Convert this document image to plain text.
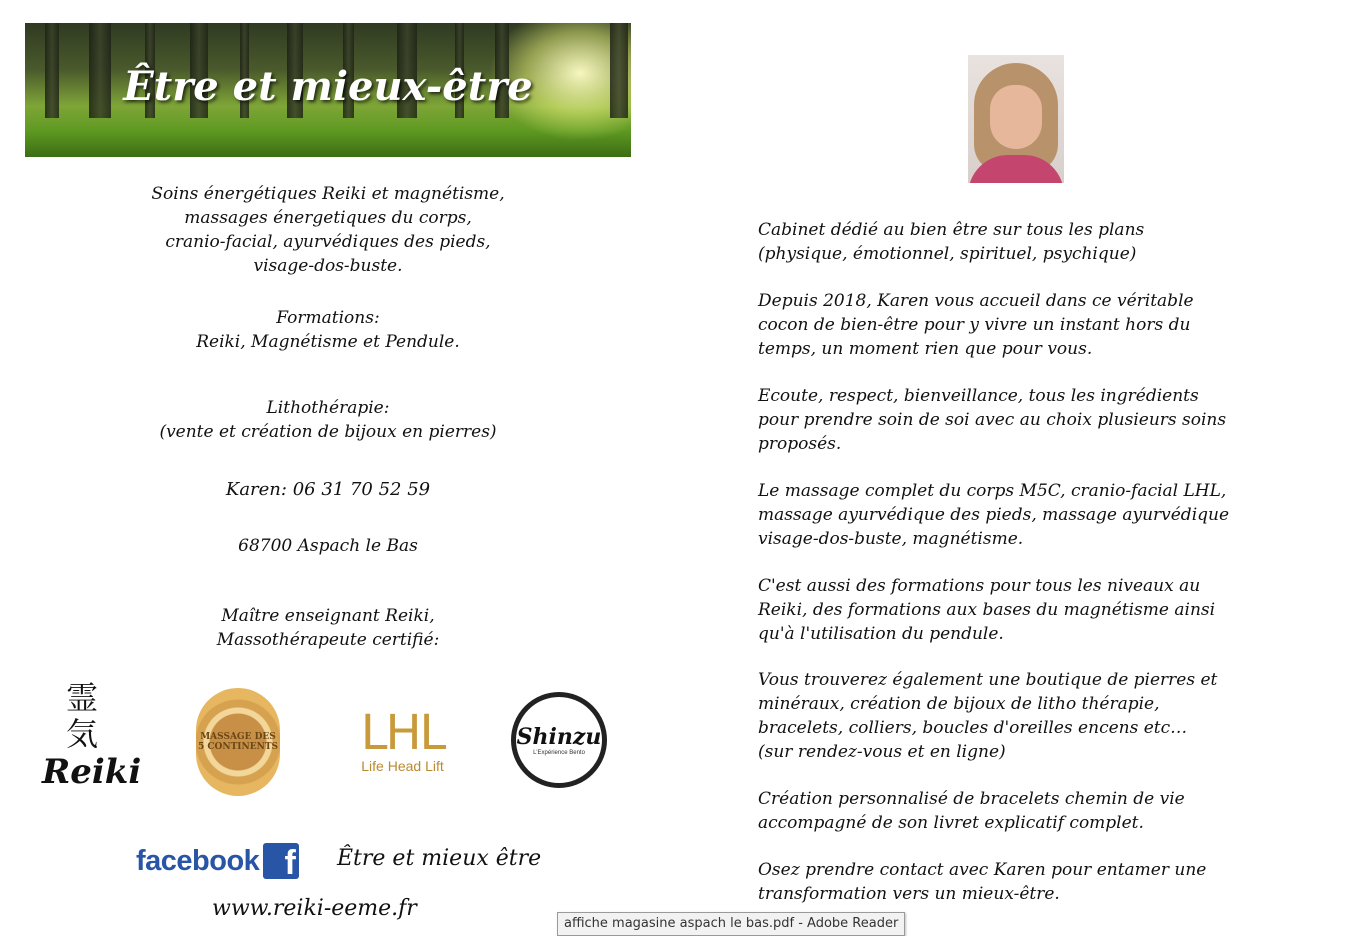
Être et mieux-être

Soins énergétiques Reiki et magnétisme,

massages énergetiques du corps,

cranio-facial, ayurvédiques des pieds,

visage-dos-buste.

Formations:

Reiki, Magnétisme et Pendule.

Lithothérapie:

(vente et création de bijoux en pierres)

Karen: 06 31 70 52 59
68700 Aspach le Bas

Maître enseignant Reiki,

Massothérapeute certifié:

霊
気
Reiki
MASSAGE DES 5 CONTINENTS	LHL
Life Head Lift
Shinzu
L'Expérience Bento
facebook f Être et mieux être
www.reiki-eeme.fr

Cabinet dédié au bien être sur tous les plans

(physique, émotionnel, spirituel, psychique)

Depuis 2018, Karen vous accueil dans ce véritable

cocon de bien-être pour y vivre un instant hors du

temps, un moment rien que pour vous.

Ecoute, respect, bienveillance, tous les ingrédients

pour prendre soin de soi avec au choix plusieurs soins

proposés.

Le massage complet du corps M5C, cranio-facial LHL,

massage ayurvédique des pieds, massage ayurvédique

visage-dos-buste, magnétisme.

C'est aussi des formations pour tous les niveaux au

Reiki, des formations aux bases du magnétisme ainsi

qu'à l'utilisation du pendule.

Vous trouverez également une boutique de pierres et

minéraux, création de bijoux de litho thérapie,

bracelets, colliers, boucles d'oreilles encens etc…

(sur rendez-vous et en ligne)

Création personnalisé de bracelets chemin de vie

accompagné de son livret explicatif complet.

Osez prendre contact avec Karen pour entamer une

transformation vers un mieux-être.

affiche magasine aspach le bas.pdf - Adobe Reader
